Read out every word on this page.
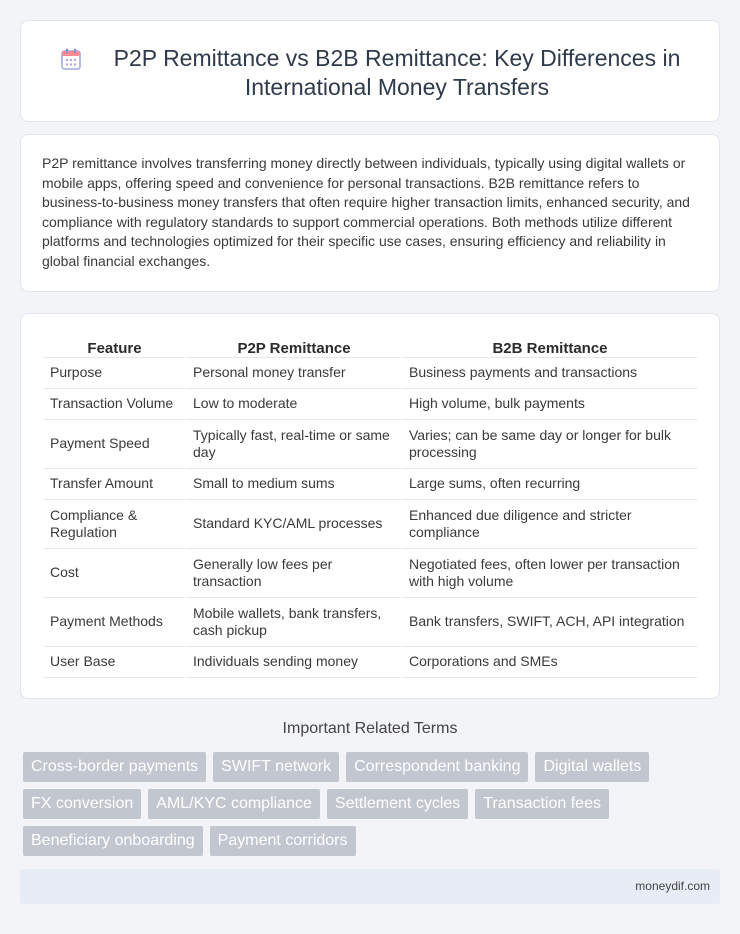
P2P Remittance vs B2B Remittance: Key Differences in International Money Transfers

P2P remittance involves transferring money directly between individuals, typically using digital wallets or mobile apps, offering speed and convenience for personal transactions. B2B remittance refers to business-to-business money transfers that often require higher transaction limits, enhanced security, and compliance with regulatory standards to support commercial operations. Both methods utilize different platforms and technologies optimized for their specific use cases, ensuring efficiency and reliability in global financial exchanges.

Feature	P2P Remittance	B2B Remittance
Purpose	Personal money transfer	Business payments and transactions
Transaction Volume	Low to moderate	High volume, bulk payments
Payment Speed	Typically fast, real-time or same day	Varies; can be same day or longer for bulk processing
Transfer Amount	Small to medium sums	Large sums, often recurring
Compliance & Regulation	Standard KYC/AML processes	Enhanced due diligence and stricter compliance
Cost	Generally low fees per transaction	Negotiated fees, often lower per transaction with high volume
Payment Methods	Mobile wallets, bank transfers, cash pickup	Bank transfers, SWIFT, ACH, API integration
User Base	Individuals sending money	Corporations and SMEs
Important Related Terms
Cross-border payments	SWIFT network	Correspondent banking	Digital wallets
FX conversion	AML/KYC compliance	Settlement cycles	Transaction fees
Beneficiary onboarding	Payment corridors
moneydif.com
